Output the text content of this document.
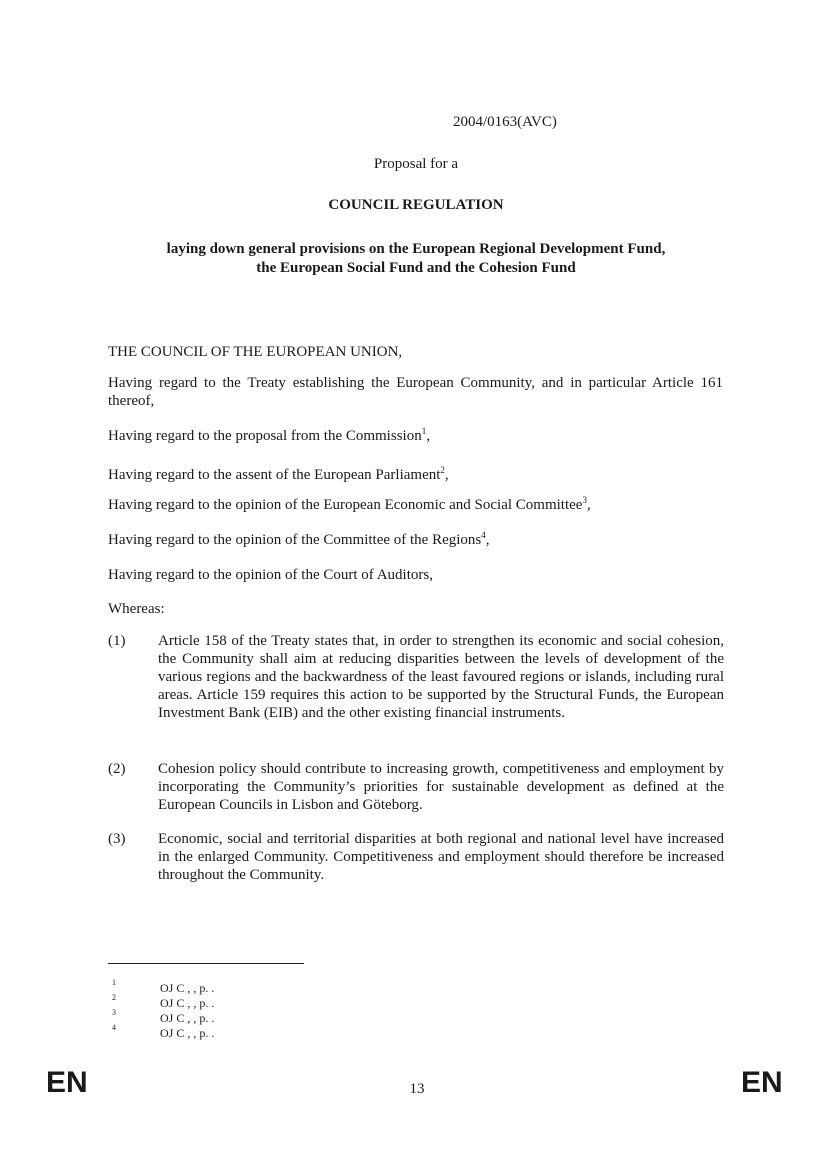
2004/0163(AVC)
Proposal for a
COUNCIL REGULATION
laying down general provisions on the European Regional Development Fund,
the European Social Fund and the Cohesion Fund
THE COUNCIL OF THE EUROPEAN UNION,
Having regard to the Treaty establishing the European Community, and in particular Article 161 thereof,
Having regard to the proposal from the Commission$^1$,
Having regard to the assent of the European Parliament$^2$,
Having regard to the opinion of the European Economic and Social Committee$^3$,
Having regard to the opinion of the Committee of the Regions$^4$,
Having regard to the opinion of the Court of Auditors,
Whereas:
(1) Article 158 of the Treaty states that, in order to strengthen its economic and social cohesion, the Community shall aim at reducing disparities between the levels of development of the various regions and the backwardness of the least favoured regions or islands, including rural areas. Article 159 requires this action to be supported by the Structural Funds, the European Investment Bank (EIB) and the other existing financial instruments.
(2) Cohesion policy should contribute to increasing growth, competitiveness and employment by incorporating the Community’s priorities for sustainable development as defined at the European Councils in Lisbon and Göteborg.
(3) Economic, social and territorial disparities at both regional and national level have increased in the enlarged Community. Competitiveness and employment should therefore be increased throughout the Community.
1	OJ C , , p. .
2	OJ C , , p. .
3	OJ C , , p. .
4	OJ C , , p. .
EN	13	EN
